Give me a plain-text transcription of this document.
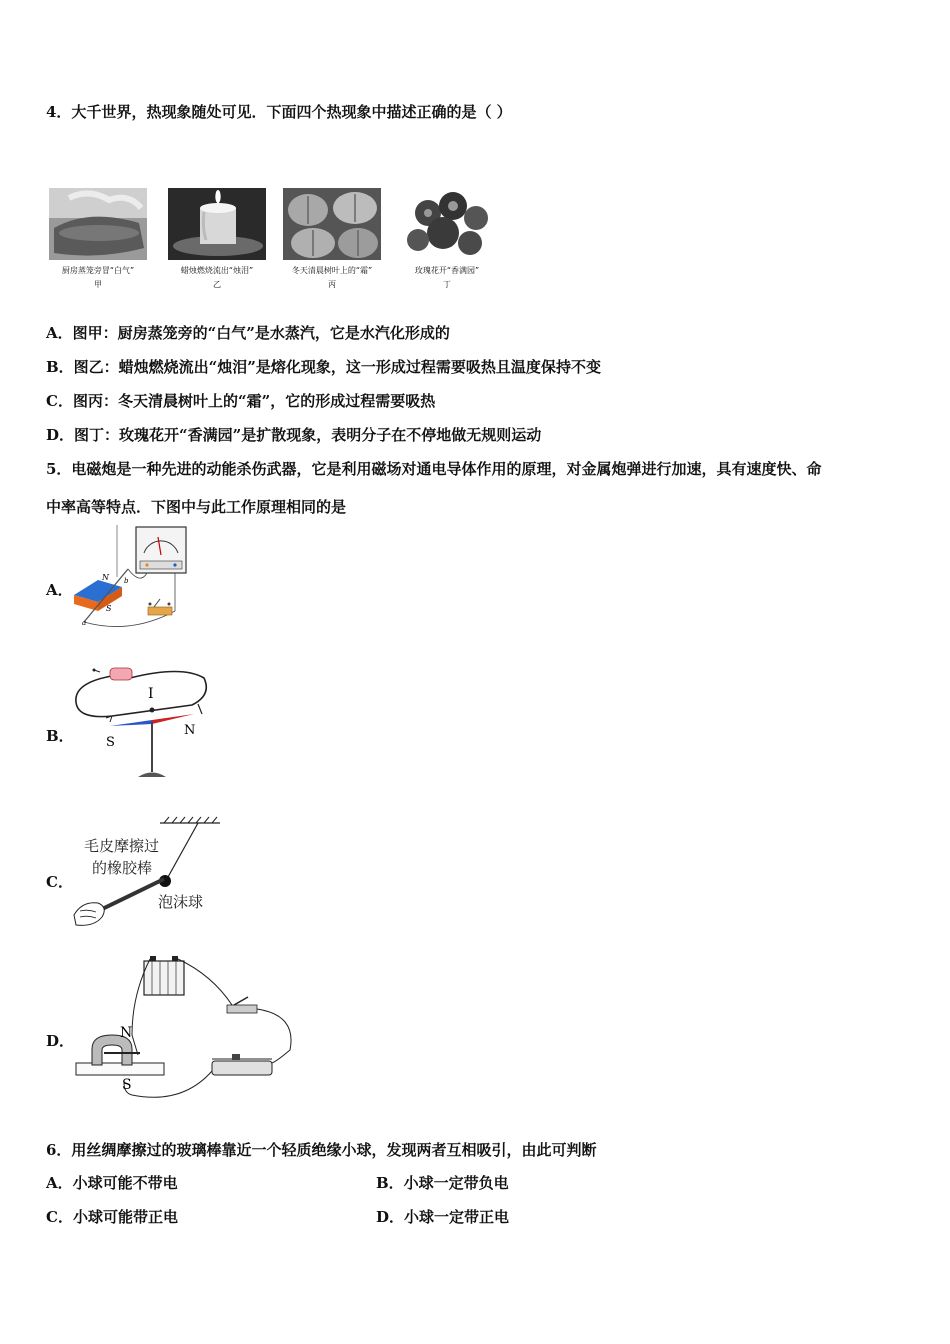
4．大千世界，热现象随处可见．下面四个热现象中描述正确的是（ ）
厨房蒸笼旁冒“白气”
甲
蜡烛燃烧流出“烛泪”
乙
冬天清晨树叶上的“霜”
丙
玫瑰花开“香满园”
丁
A．图甲：厨房蒸笼旁的“白气”是水蒸汽，它是水汽化形成的
B．图乙：蜡烛燃烧流出“烛泪”是熔化现象，这一形成过程需要吸热且温度保持不变
C．图丙：冬天清晨树叶上的“霜”，它的形成过程需要吸热
D．图丁：玫瑰花开“香满园”是扩散现象，表明分子在不停地做无规则运动
5．电磁炮是一种先进的动能杀伤武器，它是利用磁场对通电导体作用的原理，对金属炮弹进行加速，具有速度快、命
中率高等特点．下图中与此工作原理相同的是
A．
B．
C．
D．
N
S
a
b
I
S
N
毛皮摩擦过
的橡胶棒
泡沫球
N
S
6．用丝绸摩擦过的玻璃棒靠近一个轻质绝缘小球，发现两者互相吸引，由此可判断
A．小球可能不带电	B．小球一定带负电
C．小球可能带正电	D．小球一定带正电
